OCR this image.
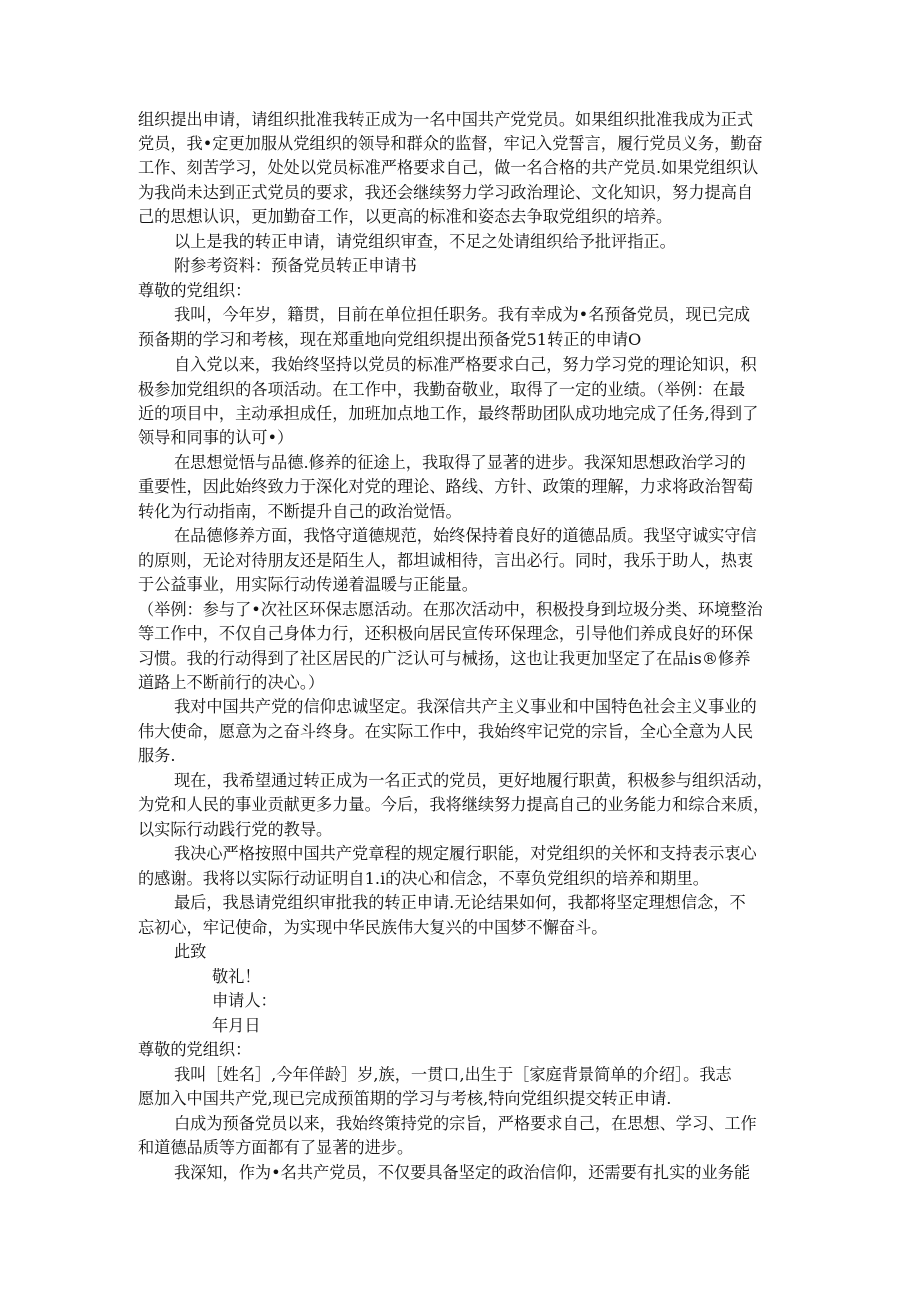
组织提出申请，请组织批准我转正成为一名中国共产党党员。如果组织批准我成为正式
党员，我•定更加服从党组织的领导和群众的监督，牢记入党誓言，履行党员义务，勤奋
工作、刻苦学习，处处以党员标准严格要求自己，做一名合格的共产党员.如果党组织认
为我尚未达到正式党员的要求，我还会继续努力学习政治理论、文化知识，努力提高自
己的思想认识，更加勤奋工作，以更高的标准和姿态去争取党组织的培养。
以上是我的转正申请，请党组织审查，不足之处请组织给予批评指正。
附参考资料：预备党员转正申请书
尊敬的党组织：
我叫，今年岁，籍贯，目前在单位担任职务。我有幸成为•名预备党员，现已完成
预备期的学习和考核，现在郑重地向党组织提出预备党51转正的申请O
自入党以来，我始终坚持以党员的标准严格要求白己，努力学习党的理论知识，积
极参加党组织的各项活动。在工作中，我勤奋敬业，取得了一定的业绩。（举例：在最
近的项目中，主动承担成任，加班加点地工作，最终帮助团队成功地完成了任务,得到了
领导和同事的认可•）
在思想觉悟与品德.修养的征途上，我取得了显著的进步。我深知思想政治学习的
重要性，因此始终致力于深化对党的理论、路线、方针、政策的理解，力求将政治智萄
转化为行动指南，不断提升自己的政治觉悟。
在品德修养方面，我恪守道德规范，始终保持着良好的道德品质。我坚守诚实守信
的原则，无论对待朋友还是陌生人，都坦诚相待，言出必行。同时，我乐于助人，热衷
于公益事业，用实际行动传递着温暖与正能量。
（举例：参与了•次社区环保志愿活动。在那次活动中，积极投身到垃圾分类、环境整治
等工作中，不仅自己身体力行，还积极向居民宣传环保理念，引导他们养成良好的环保
习惯。我的行动得到了社区居民的广泛认可与械扬，这也让我更加坚定了在品is®修养
道路上不断前行的决心。）
我对中国共产党的信仰忠诚坚定。我深信共产主义事业和中国特色社会主义事业的
伟大使命，愿意为之奋斗终身。在实际工作中，我始终牢记党的宗旨，全心全意为人民
服务.
现在，我希望通过转正成为一名正式的党员，更好地履行职黄，积极参与组织活动，
为党和人民的事业贡献更多力量。今后，我将继续努力提高自己的业务能力和综合来质，
以实际行动践行党的教导。
我决心严格按照中国共产党章程的规定履行职能，对党组织的关怀和支持表示衷心
的感谢。我将以实际行动证明自1.i的决心和信念，不辜负党组织的培养和期里。
最后，我恳请党组织审批我的转正申请.无论结果如何，我都将坚定理想信念，不
忘初心，牢记使命，为实现中华民族伟大复兴的中国梦不懈奋斗。
此致
敬礼！
申请人：
年月日
尊敬的党组织：
我叫［姓名］,今年佯龄］岁,族，一贯口,出生于［家庭背景简单的介绍］。我志
愿加入中国共产党,现已完成预笛期的学习与考核,特向党组织提交转正申请.
白成为预备党员以来，我始终策持党的宗旨，严格要求自己，在思想、学习、工作
和道德品质等方面都有了显著的进步。
我深知，作为•名共产党员，不仅要具备坚定的政治信仰，还需要有扎实的业务能
